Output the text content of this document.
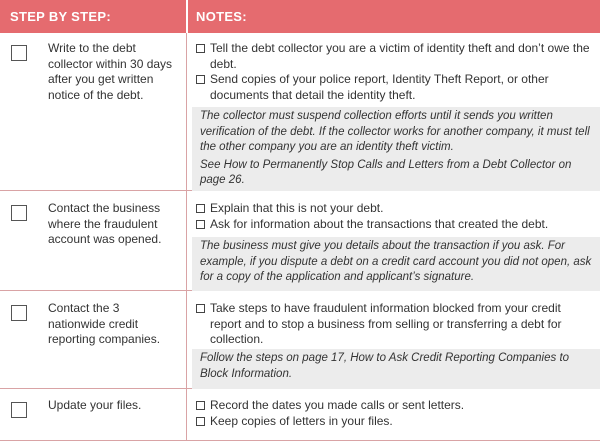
STEP BY STEP:	NOTES:
Write to the debt collector within 30 days after you get written notice of the debt.
Tell the debt collector you are a victim of identity theft and don’t owe the debt.
Send copies of your police report, Identity Theft Report, or other documents that detail the identity theft.

The collector must suspend collection efforts until it sends you written verification of the debt. If the collector works for another company, it must tell the other company you are an identity theft victim.

See How to Permanently Stop Calls and Letters from a Debt Collector on page 26.

Contact the business where the fraudulent account was opened.
Explain that this is not your debt.
Ask for information about the transactions that created the debt.

The business must give you details about the transaction if you ask. For example, if you dispute a debt on a credit card account you did not open, ask for a copy of the application and applicant’s signature.

Contact the 3 nationwide credit reporting companies.
Take steps to have fraudulent information blocked from your credit report and to stop a business from selling or transferring a debt for collection.

Follow the steps on page 17, How to Ask Credit Reporting Companies to Block Information.

Update your files.	Record the dates you made calls or sent letters.
Keep copies of letters in your files.
